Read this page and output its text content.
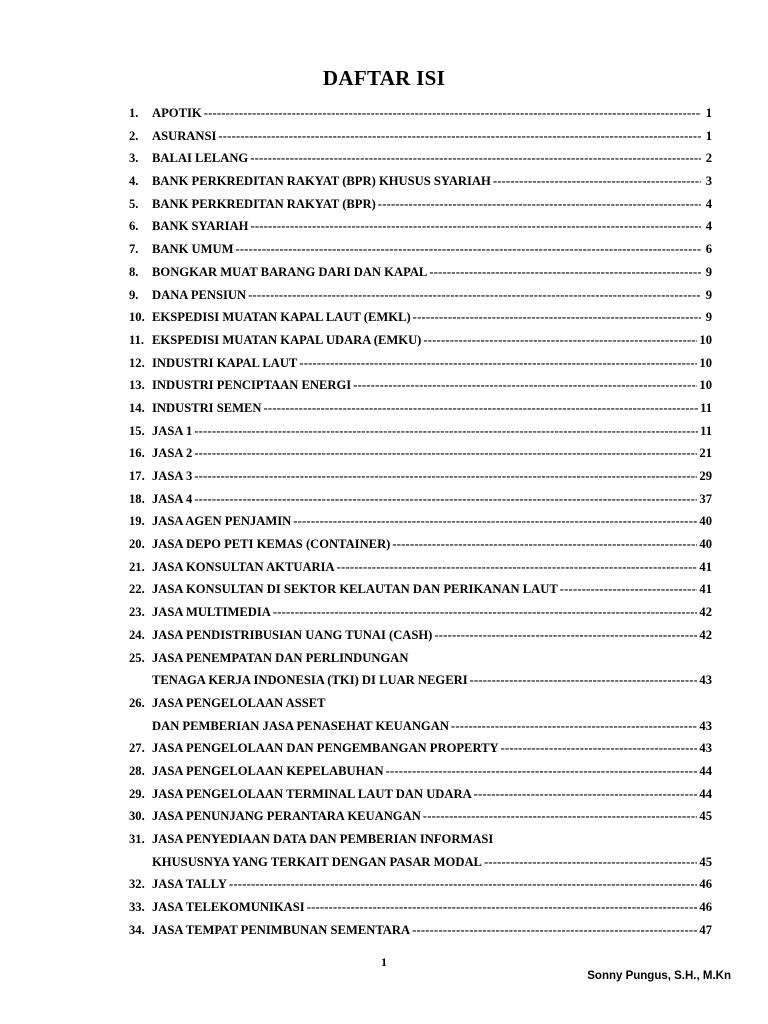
DAFTAR ISI
1.	APOTIK -----	1
2.	ASURANSI -----	1
3.	BALAI LELANG -----	2
4.	BANK PERKREDITAN RAKYAT (BPR) KHUSUS SYARIAH -----	3
5.	BANK PERKREDITAN RAKYAT (BPR) -----	4
6.	BANK SYARIAH -----	4
7.	BANK UMUM -----	6
8.	BONGKAR MUAT BARANG DARI DAN KAPAL -----	9
9.	DANA PENSIUN -----	9
10. EKSPEDISI MUATAN KAPAL LAUT (EMKL) -----	9
11. EKSPEDISI MUATAN KAPAL UDARA (EMKU) -----	10
12. INDUSTRI KAPAL LAUT -----	10
13. INDUSTRI PENCIPTAAN ENERGI -----	10
14. INDUSTRI SEMEN -----	11
15. JASA 1 -----	11
16. JASA 2 -----	21
17. JASA 3 -----	29
18. JASA 4 -----	37
19. JASA AGEN PENJAMIN -----	40
20. JASA DEPO PETI KEMAS (CONTAINER) -----	40
21. JASA KONSULTAN AKTUARIA -----	41
22. JASA KONSULTAN DI SEKTOR KELAUTAN DAN PERIKANAN LAUT -----	41
23. JASA MULTIMEDIA -----	42
24. JASA PENDISTRIBUSIAN UANG TUNAI (CASH) -----	42
25. JASA PENEMPATAN DAN PERLINDUNGAN
TENAGA KERJA INDONESIA (TKI) DI LUAR NEGERI -----	43
26. JASA PENGELOLAAN ASSET
DAN PEMBERIAN JASA PENASEHAT KEUANGAN -----	43
27. JASA PENGELOLAAN DAN PENGEMBANGAN PROPERTY -----	43
28. JASA PENGELOLAAN KEPELABUHAN -----	44
29. JASA PENGELOLAAN TERMINAL LAUT DAN UDARA -----	44
30. JASA PENUNJANG PERANTARA KEUANGAN -----	45
31. JASA PENYEDIAAN DATA DAN PEMBERIAN INFORMASI
KHUSUSNYA YANG TERKAIT DENGAN PASAR MODAL -----	45
32. JASA TALLY -----	46
33. JASA TELEKOMUNIKASI -----	46
34. JASA TEMPAT PENIMBUNAN SEMENTARA -----	47
1
Sonny Pungus, S.H., M.Kn
